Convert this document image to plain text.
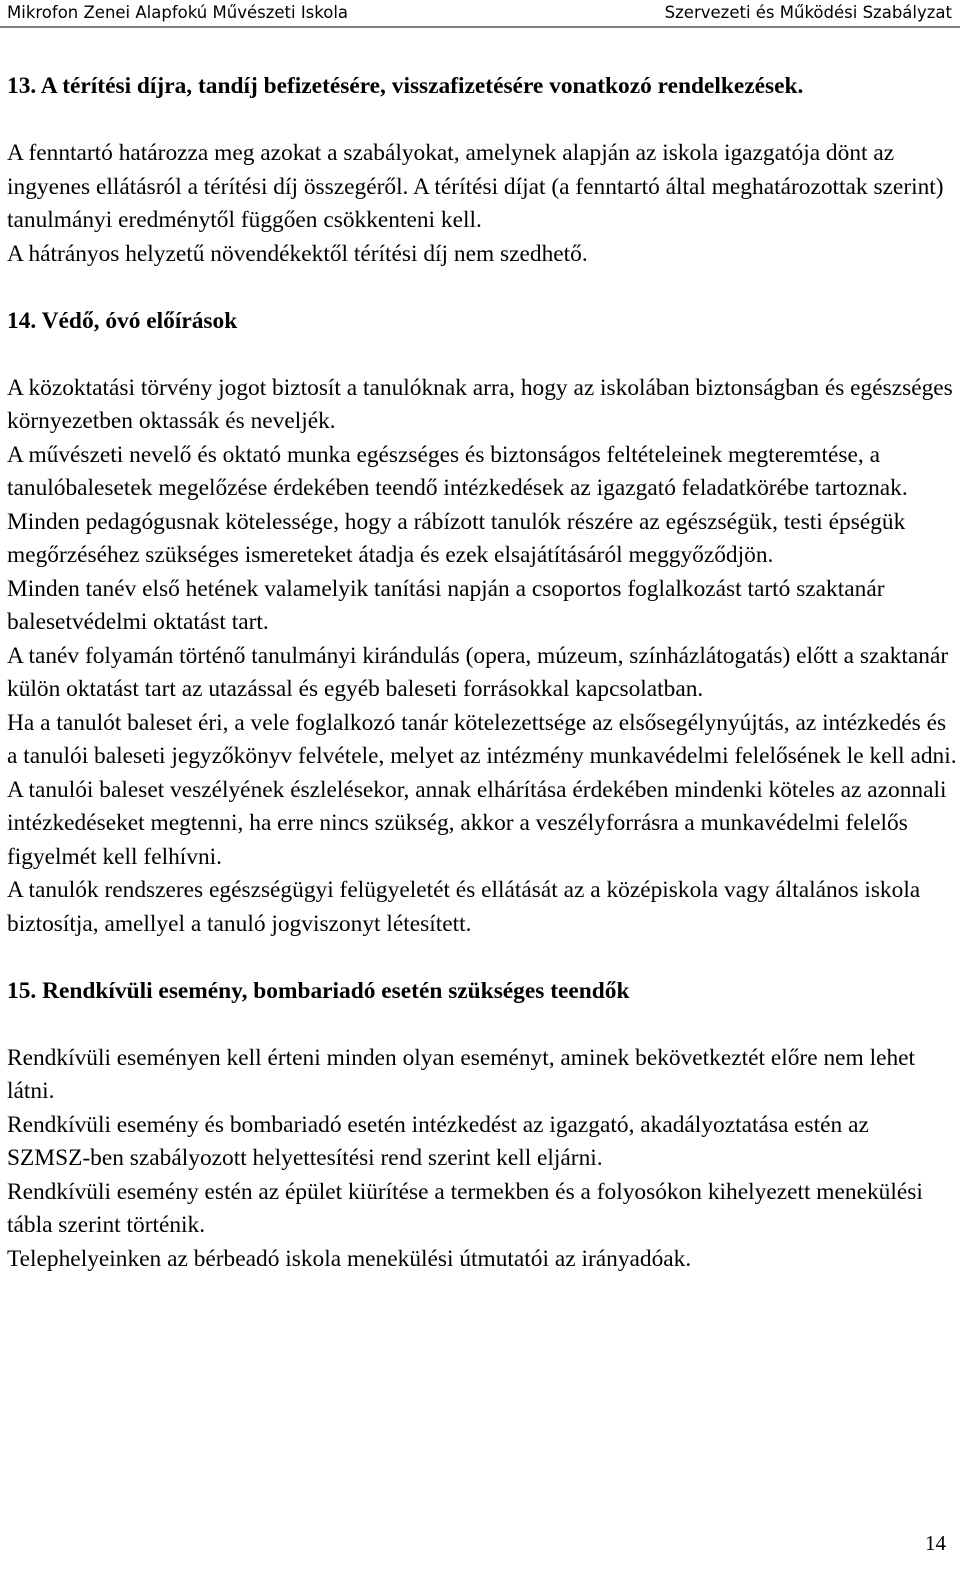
Mikrofon Zenei Alapfokú Művészeti Iskola	Szervezeti és Működési Szabályzat
13. A térítési díjra, tandíj befizetésére, visszafizetésére vonatkozó rendelkezések.

A fenntartó határozza meg azokat a szabályokat, amelynek alapján az iskola igazgatója dönt az ingyenes ellátásról a térítési díj összegéről. A térítési díjat (a fenntartó által meghatározottak szerint) tanulmányi eredménytől függően csökkenteni kell.

A hátrányos helyzetű növendékektől térítési díj nem szedhető.

14. Védő, óvó előírások

A közoktatási törvény jogot biztosít a tanulóknak arra, hogy az iskolában biztonságban és egészséges környezetben oktassák és neveljék.

A művészeti nevelő és oktató munka egészséges és biztonságos feltételeinek megteremtése, a tanulóbalesetek megelőzése érdekében teendő intézkedések az igazgató feladatkörébe tartoznak.

Minden pedagógusnak kötelessége, hogy a rábízott tanulók részére az egészségük, testi épségük megőrzéséhez szükséges ismereteket átadja és ezek elsajátításáról meggyőződjön.

Minden tanév első hetének valamelyik tanítási napján a csoportos foglalkozást tartó szaktanár balesetvédelmi oktatást tart.

A tanév folyamán történő tanulmányi kirándulás (opera, múzeum, színházlátogatás) előtt a szaktanár külön oktatást tart az utazással és egyéb baleseti forrásokkal kapcsolatban.

Ha a tanulót baleset éri, a vele foglalkozó tanár kötelezettsége az elsősegélynyújtás, az intézkedés és a tanulói baleseti jegyzőkönyv felvétele, melyet az intézmény munkavédelmi felelősének le kell adni.

A tanulói baleset veszélyének észlelésekor, annak elhárítása érdekében mindenki köteles az azonnali intézkedéseket megtenni, ha erre nincs szükség, akkor a veszélyforrásra a munkavédelmi felelős figyelmét kell felhívni.

A tanulók rendszeres egészségügyi felügyeletét és ellátását az a középiskola vagy általános iskola biztosítja, amellyel a tanuló jogviszonyt létesített.

15. Rendkívüli esemény, bombariadó esetén szükséges teendők

Rendkívüli eseményen kell érteni minden olyan eseményt, aminek bekövetkeztét előre nem lehet látni.

Rendkívüli esemény és bombariadó esetén intézkedést az igazgató, akadályoztatása estén az SZMSZ-ben szabályozott helyettesítési rend szerint kell eljárni.

Rendkívüli esemény estén az épület kiürítése a termekben és a folyosókon kihelyezett menekülési tábla szerint történik.

Telephelyeinken az bérbeadó iskola menekülési útmutatói az irányadóak.

14
